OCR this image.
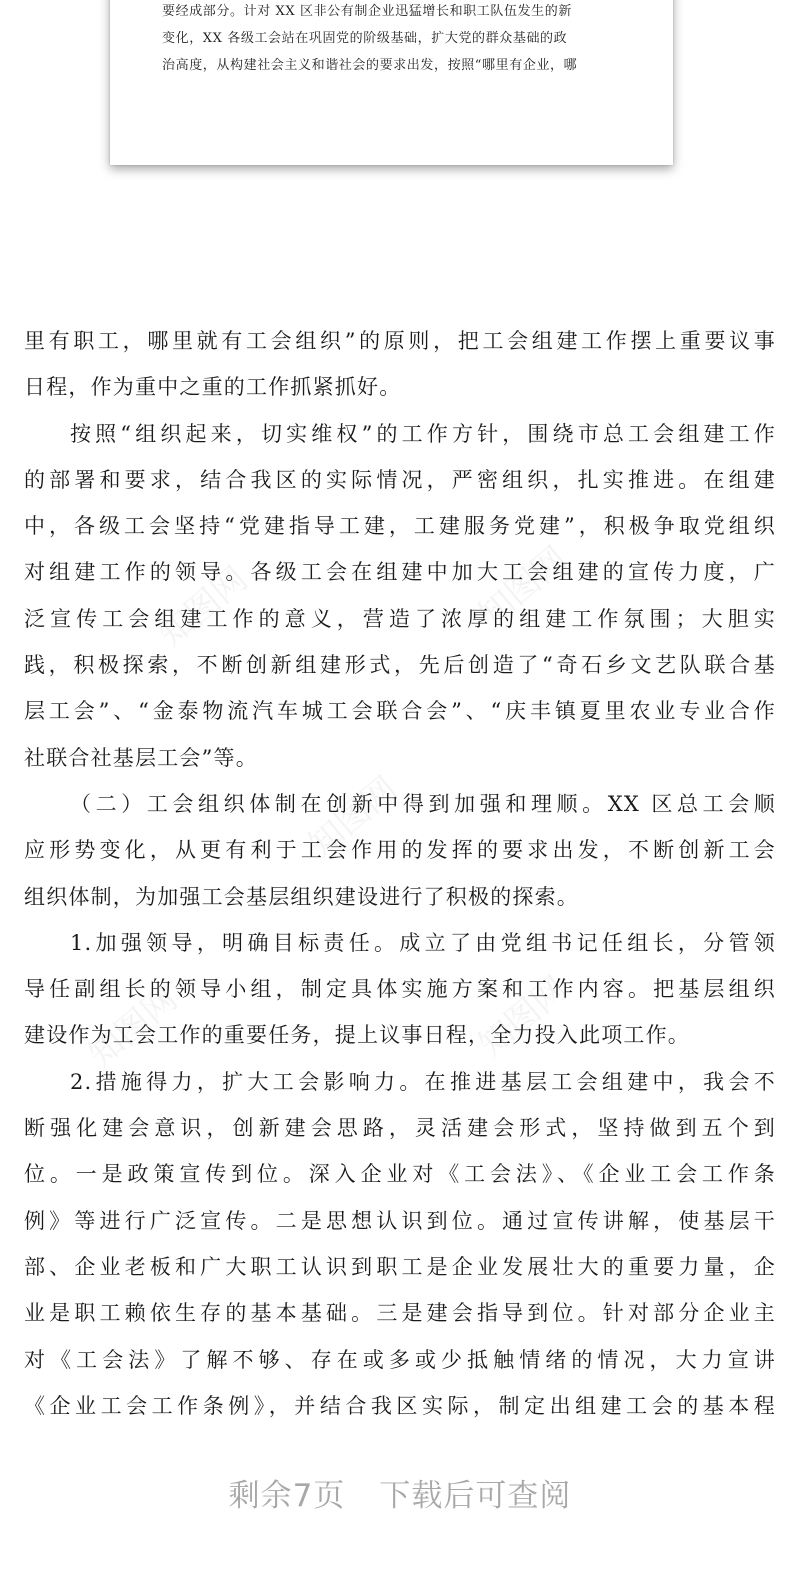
要经成部分。计对 XX 区非公有制企业迅猛增长和职工队伍发生的新
变化，XX 各级工会站在巩固党的阶级基础，扩大党的群众基础的政
治高度，从构建社会主义和谐社会的要求出发，按照“哪里有企业，哪
知图网	知图网
知图网
知图网	知图网
里有职工，哪里就有工会组织”的原则，把工会组建工作摆上重要议事
日程，作为重中之重的工作抓紧抓好。
按照“组织起来，切实维权”的工作方针，围绕市总工会组建工作
的部署和要求，结合我区的实际情况，严密组织，扎实推进。在组建
中，各级工会坚持“党建指导工建，工建服务党建”，积极争取党组织
对组建工作的领导。各级工会在组建中加大工会组建的宣传力度，广
泛宣传工会组建工作的意义，营造了浓厚的组建工作氛围；大胆实
践，积极探索，不断创新组建形式，先后创造了“奇石乡文艺队联合基
层工会”、“金泰物流汽车城工会联合会”、“庆丰镇夏里农业专业合作
社联合社基层工会”等。
（二）工会组织体制在创新中得到加强和理顺。XX 区总工会顺
应形势变化，从更有利于工会作用的发挥的要求出发，不断创新工会
组织体制，为加强工会基层组织建设进行了积极的探索。
1.加强领导，明确目标责任。成立了由党组书记任组长，分管领
导任副组长的领导小组，制定具体实施方案和工作内容。把基层组织
建设作为工会工作的重要任务，提上议事日程，全力投入此项工作。
2.措施得力，扩大工会影响力。在推进基层工会组建中，我会不
断强化建会意识，创新建会思路，灵活建会形式，坚持做到五个到
位。一是政策宣传到位。深入企业对《工会法》、《企业工会工作条
例》等进行广泛宣传。二是思想认识到位。通过宣传讲解，使基层干
部、企业老板和广大职工认识到职工是企业发展壮大的重要力量，企
业是职工赖依生存的基本基础。三是建会指导到位。针对部分企业主
对《工会法》了解不够、存在或多或少抵触情绪的情况，大力宣讲
《企业工会工作条例》，并结合我区实际，制定出组建工会的基本程
剩余7页 下载后可查阅
